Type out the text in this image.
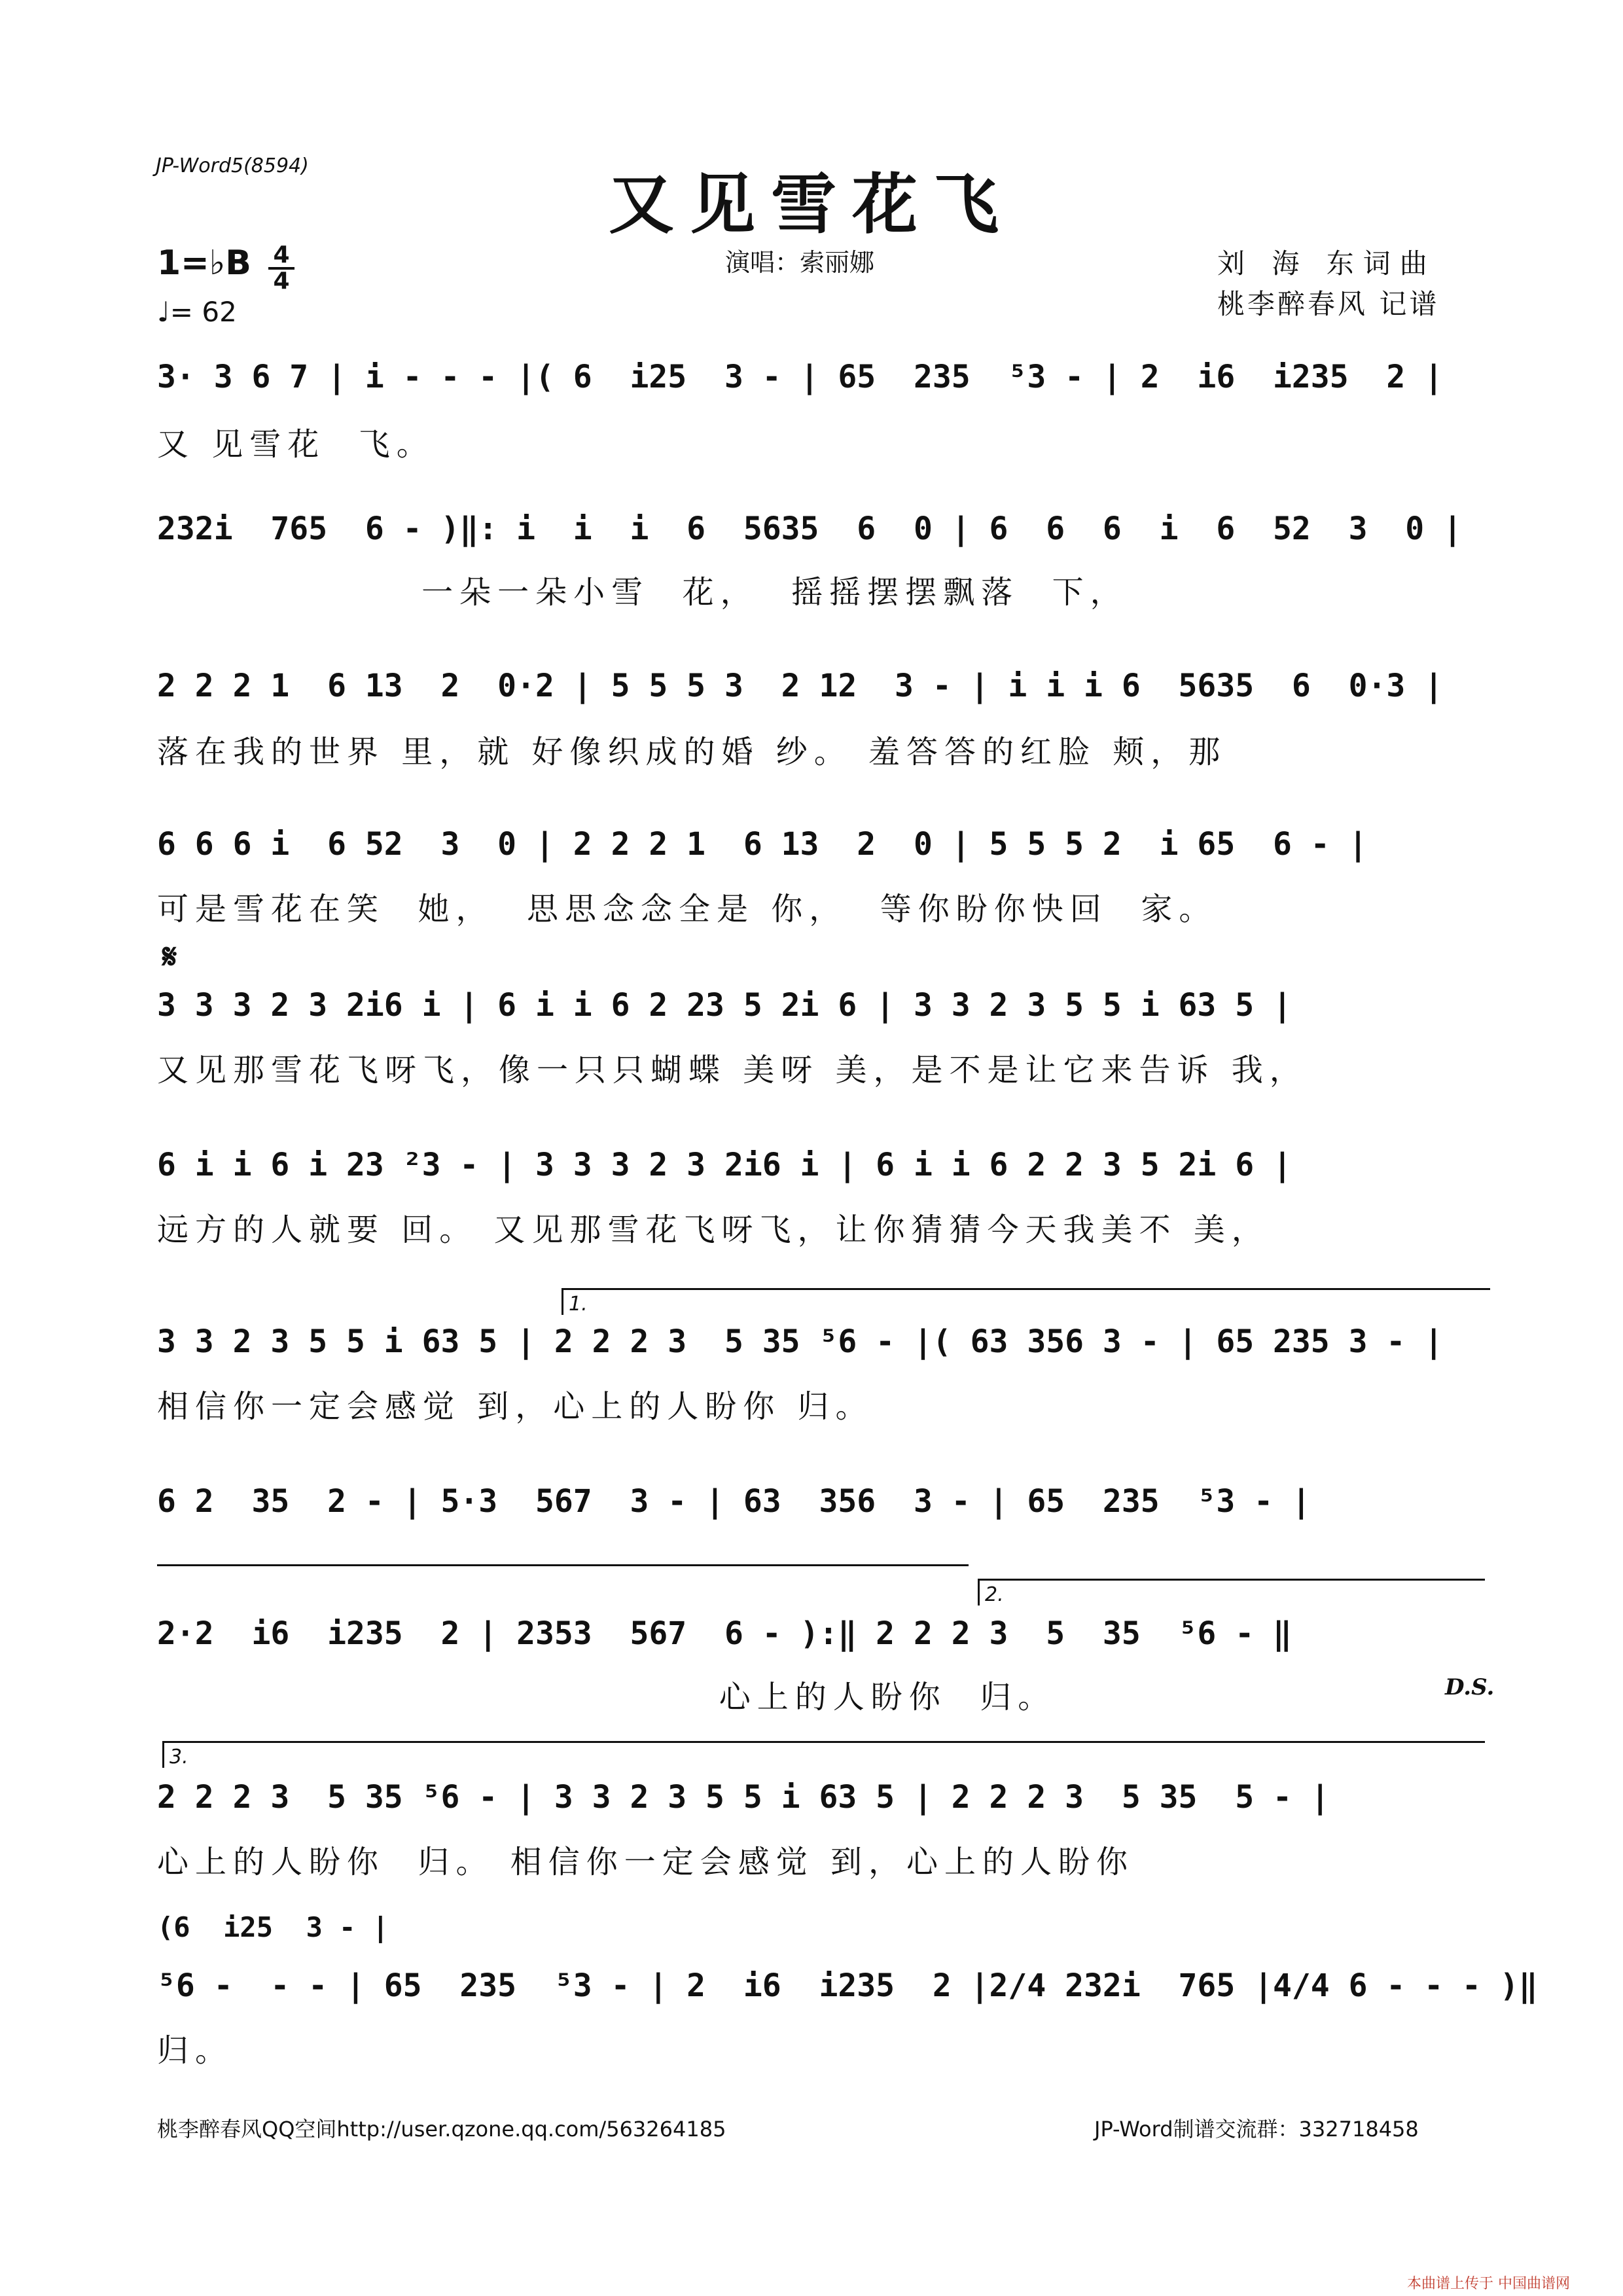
JP-Word5(8594)	又见雪花飞
1=♭B 4
4
♩= 62
演唱：索丽娜	刘 海 东词曲
桃李醉春风 记谱
3· 3 6 7 | i - - - |( 6  i25  3 - | 65  235  ⁵3 - | 2  i6  i235  2 |
又 见雪花  飞。
232i  765  6 - )‖: i  i  i  6  5635  6  0 | 6  6  6  i  6  52  3  0 |
一朵一朵小雪  花，  摇摇摆摆飘落  下，
2 2 2 1  6 13  2  0·2 | 5 5 5 3  2 12  3 - | i i i 6  5635  6  0·3 |
落在我的世界 里，就 好像织成的婚 纱。 羞答答的红脸 颊，那
6 6 6 i  6 52  3  0 | 2 2 2 1  6 13  2  0 | 5 5 5 2  i 65  6 - |
可是雪花在笑  她，  思思念念全是 你，  等你盼你快回  家。
𝄋
3 3 3 2 3 2i6 i | 6 i i 6 2 23 5 2i 6 | 3 3 2 3 5 5 i 63 5 |
又见那雪花飞呀飞，像一只只蝴蝶 美呀 美，是不是让它来告诉 我，
6 i i 6 i 23 ²3 - | 3 3 3 2 3 2i6 i | 6 i i 6 2 2 3 5 2i 6 |
远方的人就要 回。 又见那雪花飞呀飞，让你猜猜今天我美不 美，
1.
3 3 2 3 5 5 i 63 5 | 2 2 2 3  5 35 ⁵6 - |( 63 356 3 - | 65 235 3 - |
相信你一定会感觉 到，心上的人盼你 归。
6 2  35  2 - | 5·3  567  3 - | 63  356  3 - | 65  235  ⁵3 - |
2.
2·2  i6  i235  2 | 2353  567  6 - ):‖ 2 2 2 3  5  35  ⁵6 - ‖
心上的人盼你  归。	D.S.
3.
2 2 2 3  5 35 ⁵6 - | 3 3 2 3 5 5 i 63 5 | 2 2 2 3  5 35  5 - |
心上的人盼你  归。 相信你一定会感觉 到，心上的人盼你
(6  i25  3 - |
⁵6 -  - - | 65  235  ⁵3 - | 2  i6  i235  2 |2/4 232i  765 |4/4 6 - - - )‖
归。
桃李醉春风QQ空间http://user.qzone.qq.com/563264185	JP-Word制谱交流群：332718458
本曲谱上传于 中国曲谱网
